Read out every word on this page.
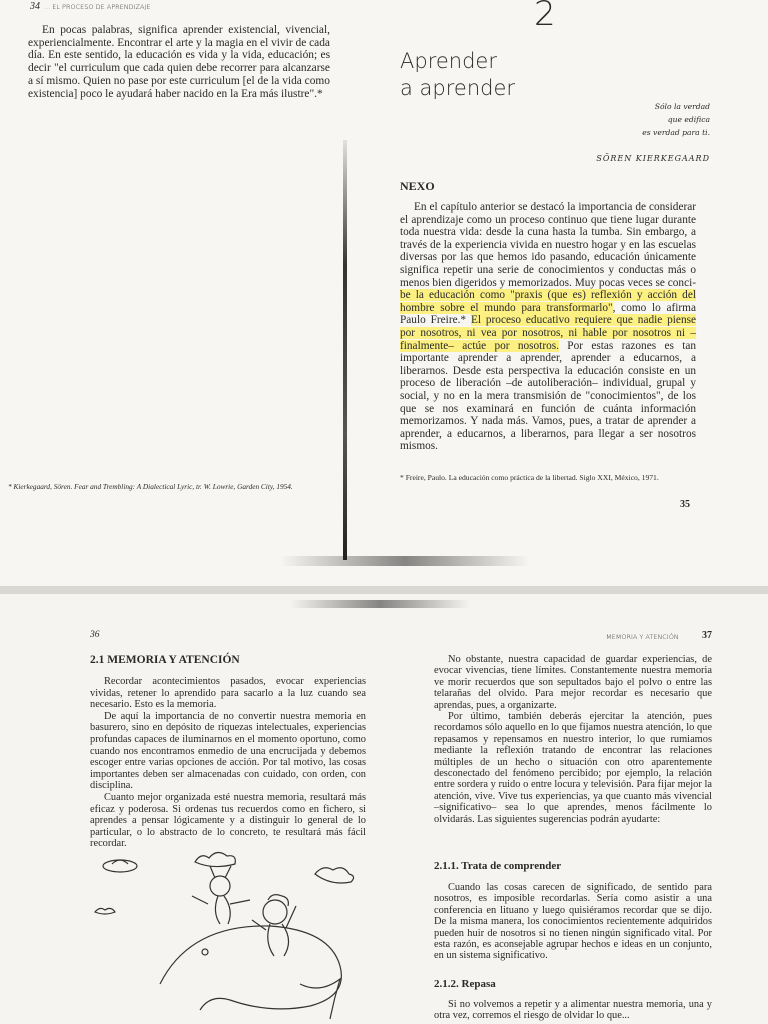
34 ... EL PROCESO DE APRENDIZAJE

En pocas palabras, significa aprender existencial, vivencial, experiencialmente. Encontrar el arte y la magia en el vivir de cada día. En este sentido, la educación es vida y la vida, educación; es decir "el curriculum que cada quien debe recorrer para alcanzarse a sí mismo. Quien no pase por este curriculum [el de la vida como existencia] poco le ayudará haber nacido en la Era más ilustre".*

* Kierkegaard, Sören. Fear and Trembling: A Dialectical Lyric, tr. W. Lowrie, Garden City, 1954.

2
Aprender
a aprender
Sólo la verdad
que edifica
es verdad para ti.
SÖREN KIERKEGAARD
NEXO

En el capítulo anterior se destacó la importancia de considerar el aprendizaje como un proceso continuo que tiene lugar durante toda nuestra vida: desde la cuna hasta la tumba. Sin embargo, a través de la experiencia vivida en nuestro hogar y en las escuelas diversas por las que hemos ido pasando, educación únicamente significa repetir una serie de conocimientos y conductas más o menos bien digeridos y memorizados. Muy pocas veces se conci- be la educación como "praxis (que es) reflexión y acción del hombre sobre el mundo para transformarlo", como lo afirma Paulo Freire.* El proceso educativo requiere que nadie piense por nosotros, ni vea por nosotros, ni hable por nosotros ni –finalmente– actúe por nosotros. Por estas razones es tan importante aprender a aprender, aprender a educarnos, a liberarnos. Desde esta perspectiva la educación consiste en un proceso de liberación –de autoliberación– individual, grupal y social, y no en la mera transmisión de "conocimientos", de los que se nos examinará en función de cuánta información memorizamos. Y nada más. Vamos, pues, a tratar de aprender a aprender, a educarnos, a liberarnos, para llegar a ser nosotros mismos.

* Freire, Paulo. La educación como práctica de la libertad. Siglo XXI, México, 1971.

35
36
2.1 MEMORIA Y ATENCIÓN

Recordar acontecimientos pasados, evocar experiencias vividas, retener lo aprendido para sacarlo a la luz cuando sea necesario. Esto es la memoria.

De aquí la importancia de no convertir nuestra memoria en basurero, sino en depósito de riquezas intelectuales, experiencias profundas capaces de iluminarnos en el momento oportuno, como cuando nos encontramos enmedio de una encrucijada y debemos escoger entre varias opciones de acción. Por tal motivo, las cosas importantes deben ser almacenadas con cuidado, con orden, con disciplina.

Cuanto mejor organizada esté nuestra memoria, resultará más eficaz y poderosa. Si ordenas tus recuerdos como en fichero, si aprendes a pensar lógicamente y a distinguir lo general de lo particular, o lo abstracto de lo concreto, te resultará más fácil recordar.

MEMORIA Y ATENCIÓN 37

No obstante, nuestra capacidad de guardar experiencias, de evocar vivencias, tiene límites. Constantemente nuestra memoria ve morir recuerdos que son sepultados bajo el polvo o entre las telarañas del olvido. Para mejor recordar es necesario que aprendas, pues, a organizarte.

Por último, también deberás ejercitar la atención, pues recordamos sólo aquello en lo que fijamos nuestra atención, lo que repasamos y repensamos en nuestro interior, lo que rumiamos mediante la reflexión tratando de encontrar las relaciones múltiples de un hecho o situación con otro aparentemente desconectado del fenómeno percibido; por ejemplo, la relación entre sordera y ruido o entre locura y televisión. Para fijar mejor la atención, vive. Vive tus experiencias, ya que cuanto más vivencial –significativo– sea lo que aprendes, menos fácilmente lo olvidarás. Las siguientes sugerencias podrán ayudarte:

2.1.1. Trata de comprender

Cuando las cosas carecen de significado, de sentido para nosotros, es imposible recordarlas. Sería como asistir a una conferencia en lituano y luego quisiéramos recordar que se dijo. De la misma manera, los conocimientos recientemente adquiridos pueden huir de nosotros si no tienen ningún significado vital. Por esta razón, es aconsejable agrupar hechos e ideas en un conjunto, en un sistema significativo.

2.1.2. Repasa

Si no volvemos a repetir y a alimentar nuestra memoria, una y otra vez, corremos el riesgo de olvidar lo que...
